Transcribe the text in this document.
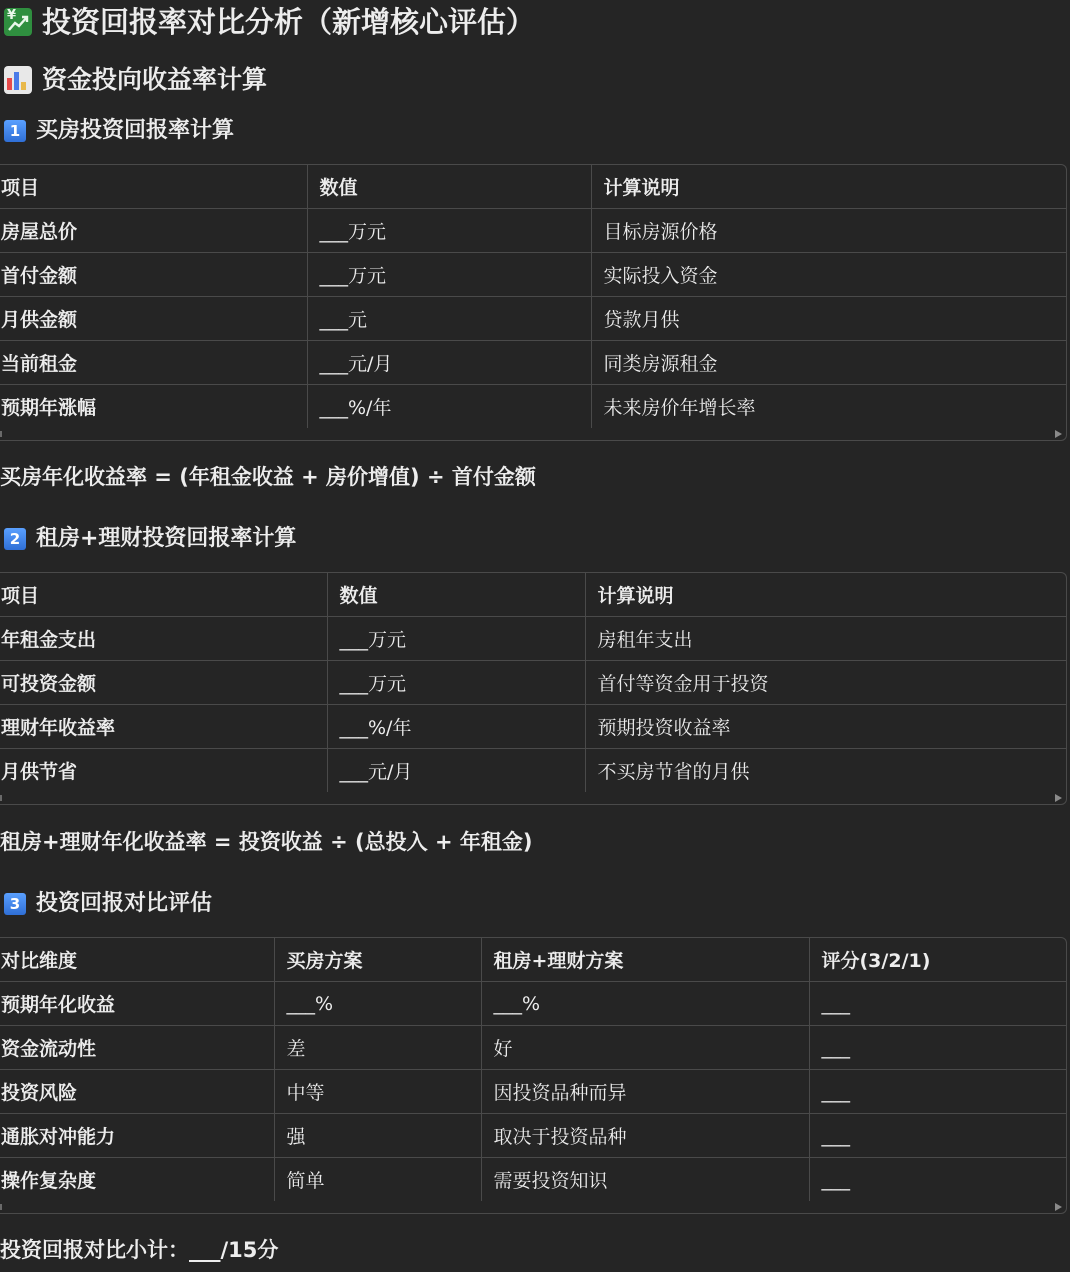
¥ 投资回报率对比分析（新增核心评估）
资金投向收益率计算
1 买房投资回报率计算
项目	数值	计算说明
房屋总价	___万元	目标房源价格
首付金额	___万元	实际投入资金
月供金额	___元	贷款月供
当前租金	___元/月	同类房源租金
预期年涨幅	___%/年	未来房价年增长率
买房年化收益率 = (年租金收益 + 房价增值) ÷ 首付金额
2 租房+理财投资回报率计算
项目	数值	计算说明
年租金支出	___万元	房租年支出
可投资金额	___万元	首付等资金用于投资
理财年收益率	___%/年	预期投资收益率
月供节省	___元/月	不买房节省的月供
租房+理财年化收益率 = 投资收益 ÷ (总投入 + 年租金)
3 投资回报对比评估
对比维度	买房方案	租房+理财方案	评分(3/2/1)
预期年化收益	___%	___%	___
资金流动性	差	好	___
投资风险	中等	因投资品种而异	___
通胀对冲能力	强	取决于投资品种	___
操作复杂度	简单	需要投资知识	___
投资回报对比小计：___/15分
